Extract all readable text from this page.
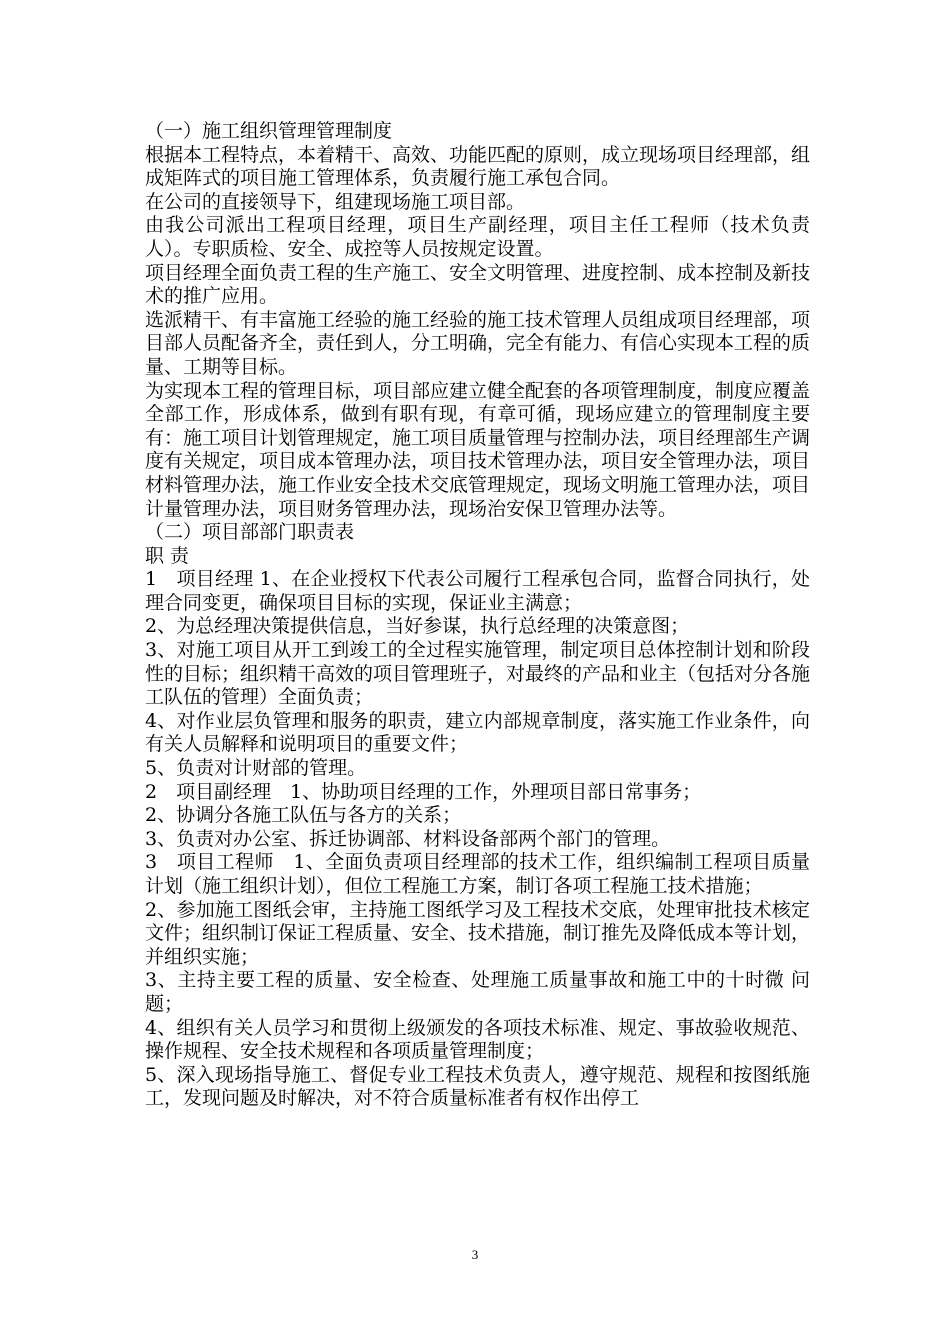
（一）施工组织管理管理制度

根据本工程特点，本着精干、高效、功能匹配的原则，成立现场项目经理部，组成矩阵式的项目施工管理体系，负责履行施工承包合同。

在公司的直接领导下，组建现场施工项目部。

由我公司派出工程项目经理，项目生产副经理，项目主任工程师（技术负责人）。专职质检、安全、成控等人员按规定设置。

项目经理全面负责工程的生产施工、安全文明管理、进度控制、成本控制及新技术的推广应用。

选派精干、有丰富施工经验的施工经验的施工技术管理人员组成项目经理部，项目部人员配备齐全，责任到人，分工明确，完全有能力、有信心实现本工程的质量、工期等目标。

为实现本工程的管理目标，项目部应建立健全配套的各项管理制度，制度应覆盖全部工作，形成体系，做到有职有现，有章可循，现场应建立的管理制度主要有：施工项目计划管理规定，施工项目质量管理与控制办法，项目经理部生产调度有关规定，项目成本管理办法，项目技术管理办法，项目安全管理办法，项目材料管理办法，施工作业安全技术交底管理规定，现场文明施工管理办法，项目计量管理办法，项目财务管理办法，现场治安保卫管理办法等。

（二）项目部部门职责表

职 责

1　项目经理 1、在企业授权下代表公司履行工程承包合同，监督合同执行，处理合同变更，确保项目目标的实现，保证业主满意；

2、为总经理决策提供信息，当好参谋，执行总经理的决策意图；

3、对施工项目从开工到竣工的全过程实施管理，制定项目总体控制计划和阶段性的目标；组织精干高效的项目管理班子，对最终的产品和业主（包括对分各施工队伍的管理）全面负责；

4、对作业层负管理和服务的职责，建立内部规章制度，落实施工作业条件，向有关人员解释和说明项目的重要文件；

5、负责对计财部的管理。

2　项目副经理　1、协助项目经理的工作，外理项目部日常事务；

2、协调分各施工队伍与各方的关系；

3、负责对办公室、拆迁协调部、材料设备部两个部门的管理。

3　项目工程师　1、全面负责项目经理部的技术工作，组织编制工程项目质量计划（施工组织计划），但位工程施工方案，制订各项工程施工技术措施；

2、参加施工图纸会审，主持施工图纸学习及工程技术交底，处理审批技术核定文件；组织制订保证工程质量、安全、技术措施，制订推先及降低成本等计划，并组织实施；

3、主持主要工程的质量、安全检查、处理施工质量事故和施工中的十时微 问题；

4、组织有关人员学习和贯彻上级颁发的各项技术标准、规定、事故验收规范、操作规程、安全技术规程和各项质量管理制度；

5、深入现场指导施工、督促专业工程技术负责人，遵守规范、规程和按图纸施工，发现问题及时解决，对不符合质量标准者有权作出停工

3
